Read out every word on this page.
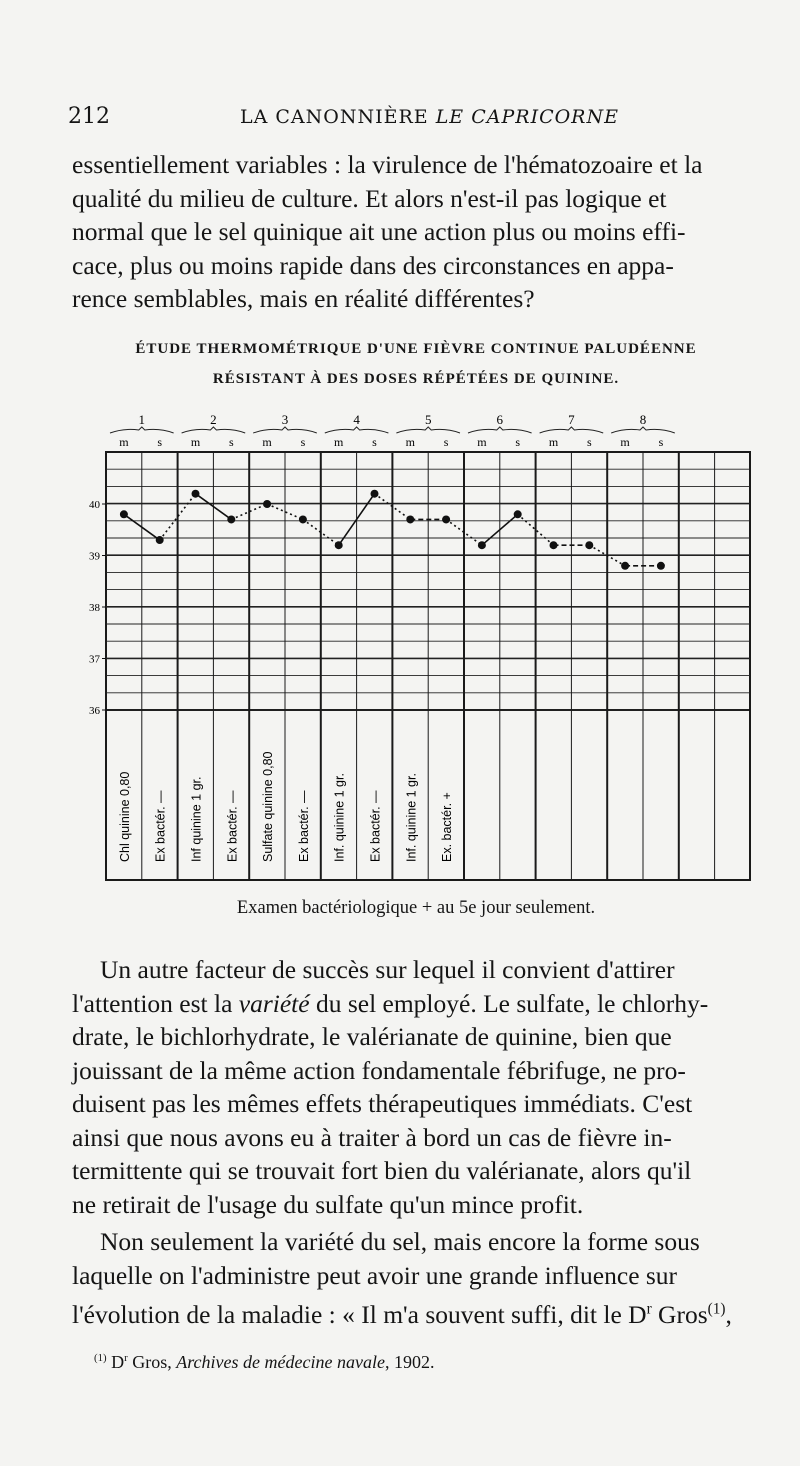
212	LA CANONNIÈRE LE CAPRICORNE

essentiellement variables : la virulence de l'hématozoaire et la
qualité du milieu de culture. Et alors n'est-il pas logique et
normal que le sel quinique ait une action plus ou moins effi-
cace, plus ou moins rapide dans des circonstances en appa-
rence semblables, mais en réalité différentes?

ÉTUDE THERMOMÉTRIQUE D'UNE FIÈVRE CONTINUE PALUDÉENNE
RÉSISTANT À DES DOSES RÉPÉTÉES DE QUININE.
40
39
38
37
36
1	2	3	4	5	6	7	8
m s m s m s m s m s m s m s m s
Chl quinine 0,80 Ex bactér. — Inf quinine 1 gr. Ex bactér. — Sulfate quinine 0,80 Ex bactér. — Inf. quinine 1 gr. Ex bactér. — Inf. quinine 1 gr. Ex. bactér. +
Examen bactériologique + au 5e jour seulement.

Un autre facteur de succès sur lequel il convient d'attirer
l'attention est la variété du sel employé. Le sulfate, le chlorhy-
drate, le bichlorhydrate, le valérianate de quinine, bien que
jouissant de la même action fondamentale fébrifuge, ne pro-
duisent pas les mêmes effets thérapeutiques immédiats. C'est
ainsi que nous avons eu à traiter à bord un cas de fièvre in-
termittente qui se trouvait fort bien du valérianate, alors qu'il
ne retirait de l'usage du sulfate qu'un mince profit.

Non seulement la variété du sel, mais encore la forme sous
laquelle on l'administre peut avoir une grande influence sur
l'évolution de la maladie : « Il m'a souvent suffi, dit le $D^r$ Gros$^{(1)}$,

$^{(1)}$ $D^r$ Gros, Archives de médecine navale, 1902.
